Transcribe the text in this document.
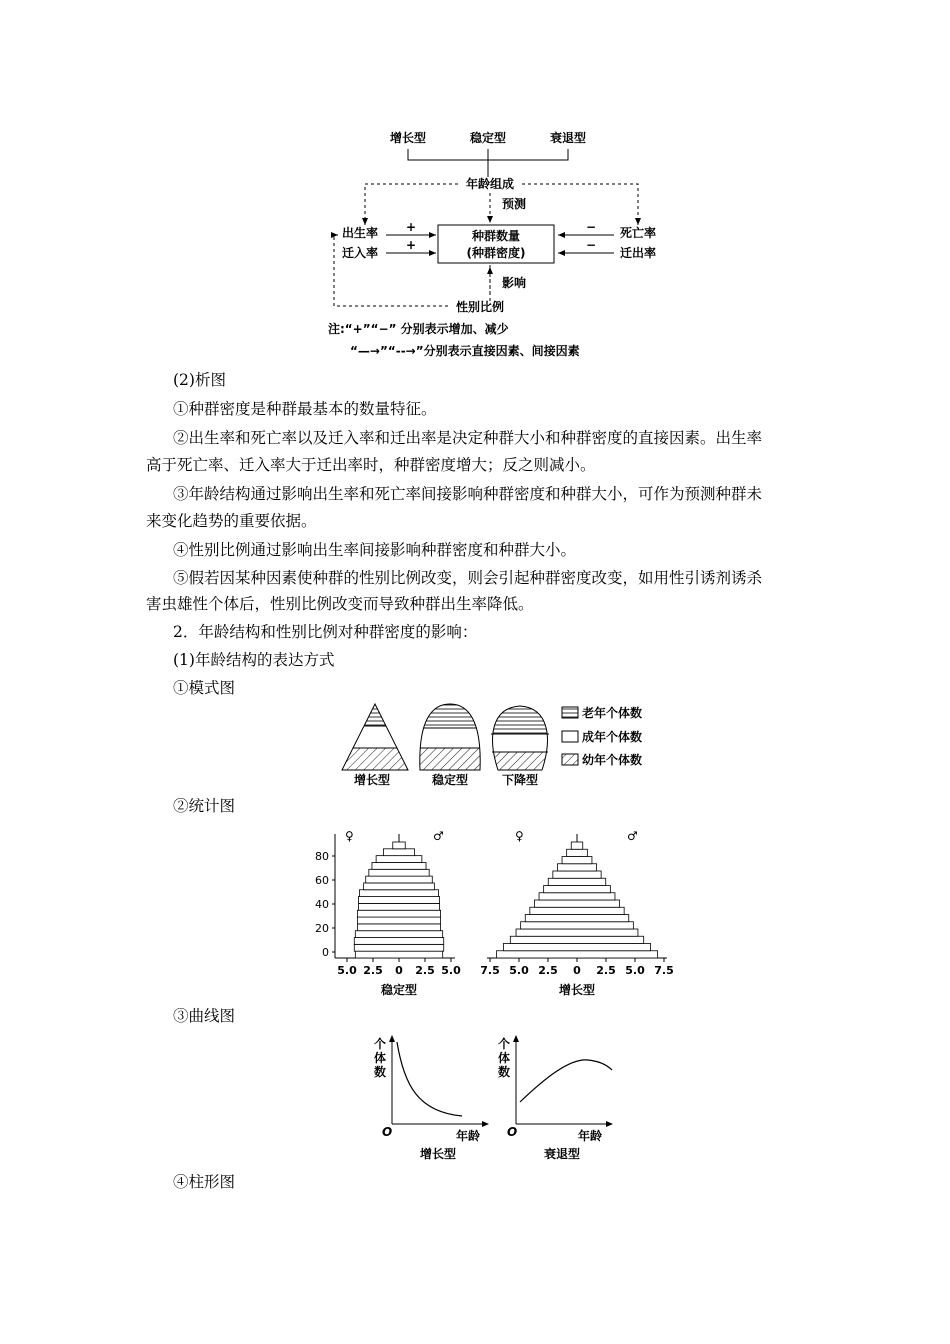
增长型	稳定型	衰退型
年龄组成
预测
种群数量
(种群密度)
出生率
迁入率
+
+
死亡率
迁出率
−
−
影响
性别比例
注:“+”“−” 分别表示增加、减少
“—→”“--→”分别表示直接因素、间接因素
(2)析图
①种群密度是种群最基本的数量特征。
②出生率和死亡率以及迁入率和迁出率是决定种群大小和种群密度的直接因素。出生率
高于死亡率、迁入率大于迁出率时，种群密度增大；反之则减小。
③年龄结构通过影响出生率和死亡率间接影响种群密度和种群大小，可作为预测种群未
来变化趋势的重要依据。
④性别比例通过影响出生率间接影响种群密度和种群大小。
⑤假若因某种因素使种群的性别比例改变，则会引起种群密度改变，如用性引诱剂诱杀
害虫雄性个体后，性别比例改变而导致种群出生率降低。
2．年龄结构和性别比例对种群密度的影响：
(1)年龄结构的表达方式
①模式图
增长型	稳定型	下降型
老年个体数
成年个体数
幼年个体数
②统计图
♀	♂
0
20
40
60
80
5.0 2.5 0 2.5 5.0
稳定型
♀	♂
7.5 5.0 2.5 0 2.5 5.0 7.5
增长型
③曲线图
个
体
数
O	年龄
增长型
个
体
数
O	年龄
衰退型
④柱形图
